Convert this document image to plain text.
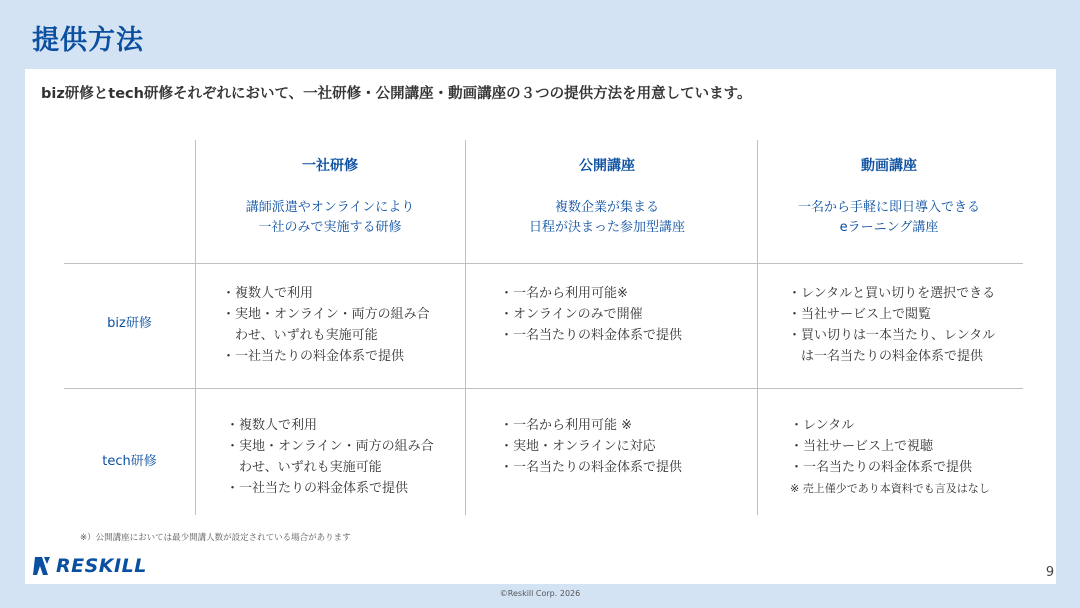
提供方法
biz研修とtech研修それぞれにおいて、一社研修・公開講座・動画講座の３つの提供方法を用意しています。
一社研修
講師派遣やオンラインにより
一社のみで実施する研修
公開講座
複数企業が集まる
日程が決まった参加型講座
動画講座
一名から手軽に即日導入できる
eラーニング講座
biz研修
tech研修
・複数人で利用
・実地・オンライン・両方の組み合
　わせ、いずれも実施可能
・一社当たりの料金体系で提供
・一名から利用可能※
・オンラインのみで開催
・一名当たりの料金体系で提供
・レンタルと買い切りを選択できる
・当社サービス上で閲覧
・買い切りは一本当たり、レンタル
　は一名当たりの料金体系で提供
・複数人で利用
・実地・オンライン・両方の組み合
　わせ、いずれも実施可能
・一社当たりの料金体系で提供
・一名から利用可能 ※
・実地・オンラインに対応
・一名当たりの料金体系で提供
・レンタル
・当社サービス上で視聴
・一名当たりの料金体系で提供
※ 売上僅少であり本資料でも言及はなし
※）公開講座においては最少開講人数が設定されている場合があります
RESKILL	9
©Reskill Corp. 2026
